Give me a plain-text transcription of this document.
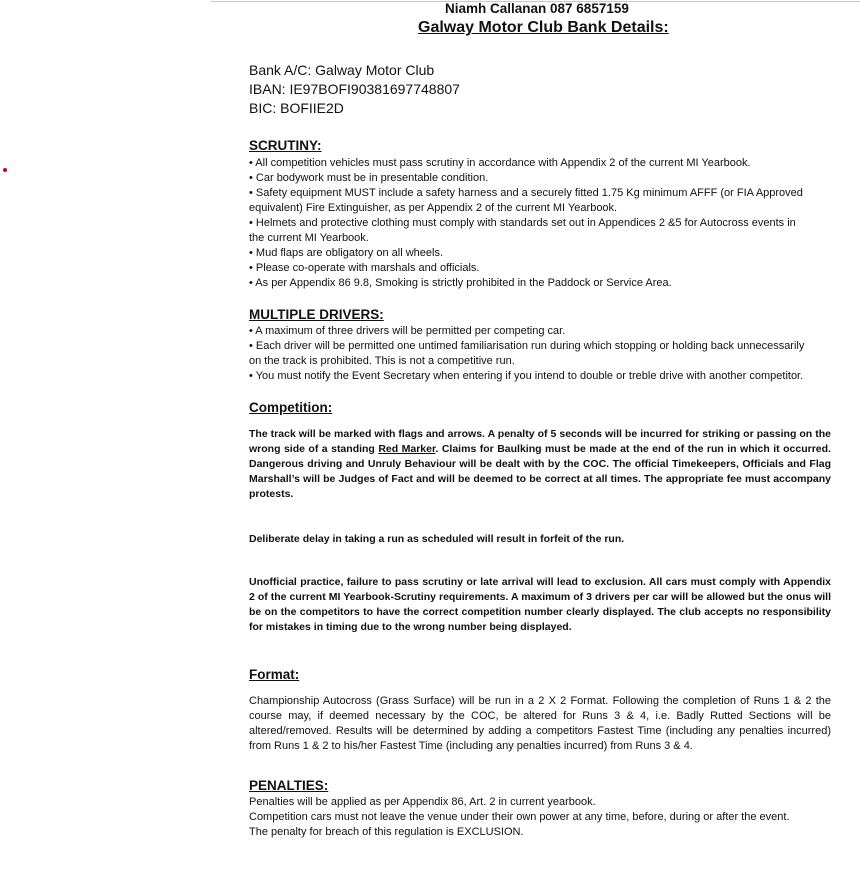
Niamh Callanan 087 6857159
Galway Motor Club Bank Details:
Bank A/C: Galway Motor Club
IBAN: IE97BOFI90381697748807
BIC: BOFIIE2D
SCRUTINY:
• All competition vehicles must pass scrutiny in accordance with Appendix 2 of the current MI Yearbook.
• Car bodywork must be in presentable condition.
• Safety equipment MUST include a safety harness and a securely fitted 1.75 Kg minimum AFFF (or FIA Approved
equivalent) Fire Extinguisher, as per Appendix 2 of the current MI Yearbook.
• Helmets and protective clothing must comply with standards set out in Appendices 2 &5 for Autocross events in
the current MI Yearbook.
• Mud flaps are obligatory on all wheels.
• Please co-operate with marshals and officials.
• As per Appendix 86 9.8, Smoking is strictly prohibited in the Paddock or Service Area.
MULTIPLE DRIVERS:
• A maximum of three drivers will be permitted per competing car.
• Each driver will be permitted one untimed familiarisation run during which stopping or holding back unnecessarily
on the track is prohibited. This is not a competitive run.
• You must notify the Event Secretary when entering if you intend to double or treble drive with another competitor.
Competition:
The track will be marked with flags and arrows. A penalty of 5 seconds will be incurred for striking or passing on the wrong side of a standing Red Marker. Claims for Baulking must be made at the end of the run in which it occurred. Dangerous driving and Unruly Behaviour will be dealt with by the COC. The official Timekeepers, Officials and Flag Marshall’s will be Judges of Fact and will be deemed to be correct at all times. The appropriate fee must accompany protests.
Deliberate delay in taking a run as scheduled will result in forfeit of the run.
Unofficial practice, failure to pass scrutiny or late arrival will lead to exclusion. All cars must comply with Appendix 2 of the current MI Yearbook-Scrutiny requirements. A maximum of 3 drivers per car will be allowed but the onus will be on the competitors to have the correct competition number clearly displayed. The club accepts no responsibility for mistakes in timing due to the wrong number being displayed.
Format:
Championship Autocross (Grass Surface) will be run in a 2 X 2 Format. Following the completion of Runs 1 & 2 the course may, if deemed necessary by the COC, be altered for Runs 3 & 4, i.e. Badly Rutted Sections will be altered/removed. Results will be determined by adding a competitors Fastest Time (including any penalties incurred) from Runs 1 & 2 to his/her Fastest Time (including any penalties incurred) from Runs 3 & 4.
PENALTIES:
Penalties will be applied as per Appendix 86, Art. 2 in current yearbook.
Competition cars must not leave the venue under their own power at any time, before, during or after the event.
The penalty for breach of this regulation is EXCLUSION.
